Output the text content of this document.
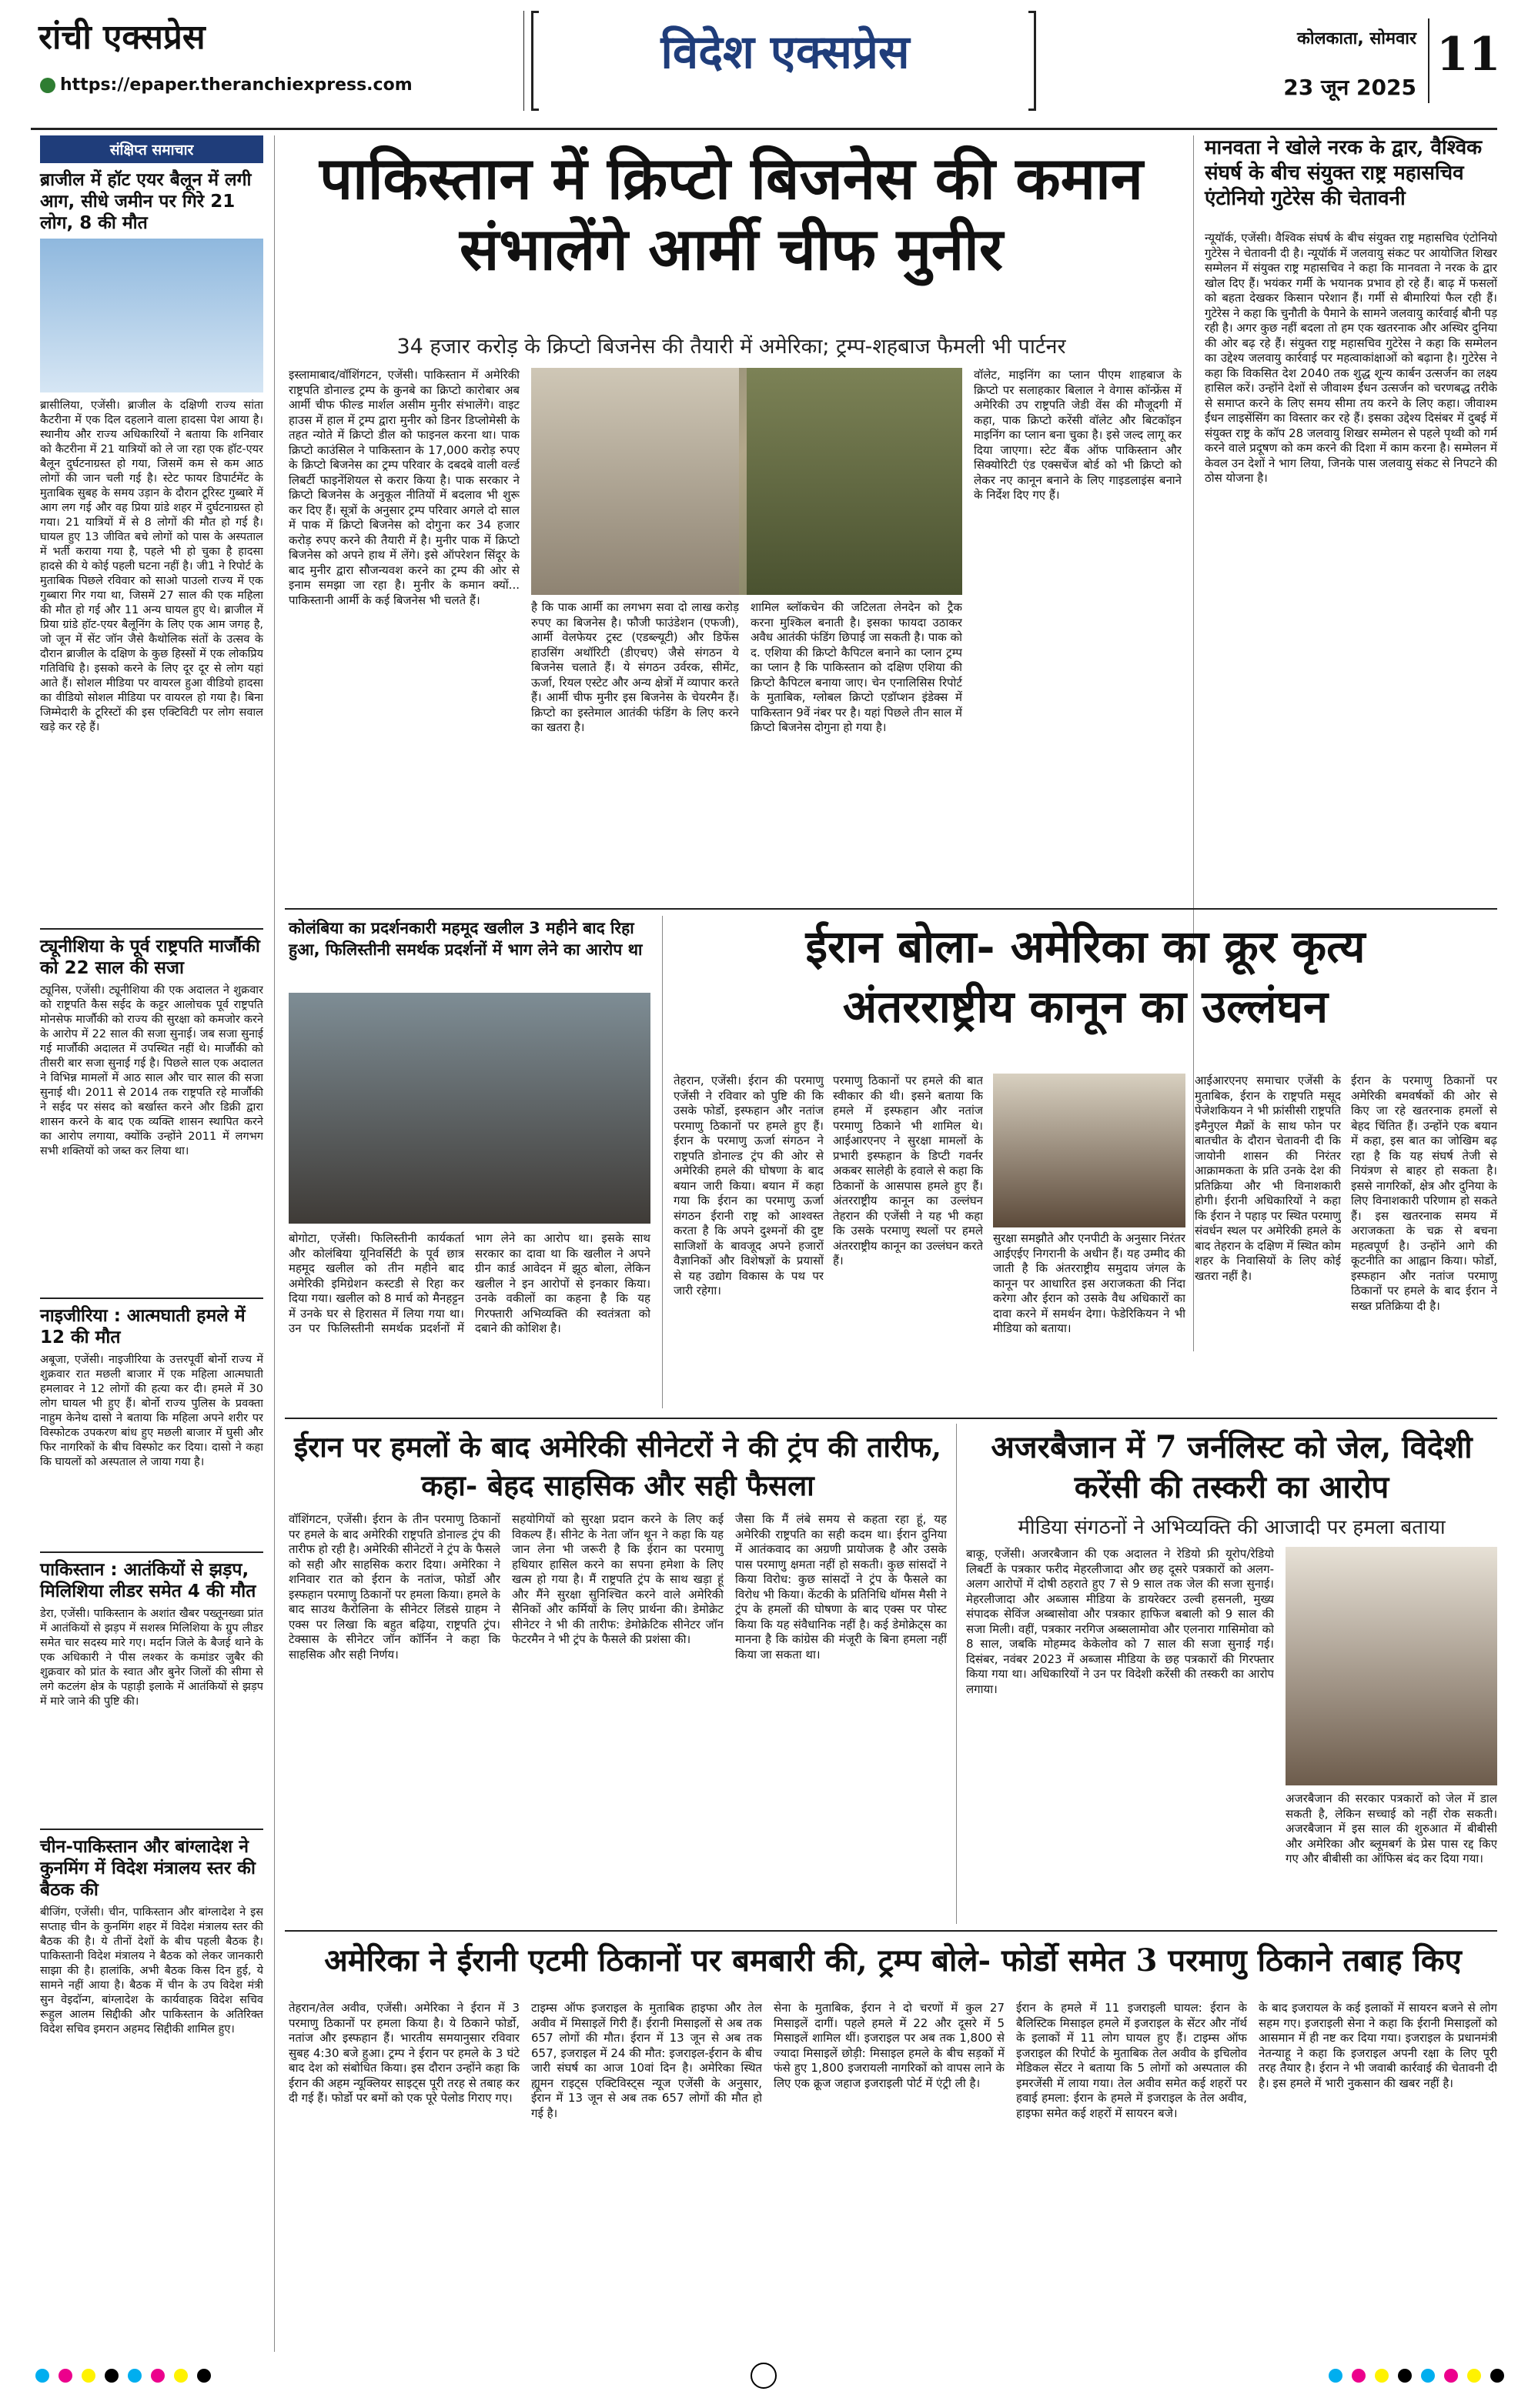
रांची एक्सप्रेस
https://epaper.theranchiexpress.com
विदेश एक्सप्रेस	कोलकाता, सोमवार
23 जून 2025
11
संक्षिप्त समाचार
ब्राजील में हॉट एयर बैलून में लगी आग, सीधे जमीन पर गिरे 21 लोग, 8 की मौत
ब्रासीलिया, एजेंसी। ब्राजील के दक्षिणी राज्य सांता कैटरीना में एक दिल दहलाने वाला हादसा पेश आया है। स्थानीय और राज्य अधिकारियों ने बताया कि शनिवार को कैटरीना में 21 यात्रियों को ले जा रहा एक हॉट-एयर बैलून दुर्घटनाग्रस्त हो गया, जिसमें कम से कम आठ लोगों की जान चली गई है। स्टेट फायर डिपार्टमेंट के मुताबिक सुबह के समय उड़ान के दौरान टूरिस्ट गुब्बारे में आग लग गई और वह प्रिया ग्रांडे शहर में दुर्घटनाग्रस्त हो गया। 21 यात्रियों में से 8 लोगों की मौत हो गई है। घायल हुए 13 जीवित बचे लोगों को पास के अस्पताल में भर्ती कराया गया है, पहले भी हो चुका है हादसा हादसे की ये कोई पहली घटना नहीं है। जी1 ने रिपोर्ट के मुताबिक पिछले रविवार को साओ पाउलो राज्य में एक गुब्बारा गिर गया था, जिसमें 27 साल की एक महिला की मौत हो गई और 11 अन्य घायल हुए थे। ब्राजील में प्रिया ग्रांडे हॉट-एयर बैलूनिंग के लिए एक आम जगह है, जो जून में सेंट जॉन जैसे कैथोलिक संतों के उत्सव के दौरान ब्राजील के दक्षिण के कुछ हिस्सों में एक लोकप्रिय गतिविधि है। इसको करने के लिए दूर दूर से लोग यहां आते हैं। सोशल मीडिया पर वायरल हुआ वीडियो हादसा का वीडियो सोशल मीडिया पर वायरल हो गया है। बिना जिम्मेदारी के टूरिस्टों की इस एक्टिविटी पर लोग सवाल खड़े कर रहे हैं।
ट्यूनीशिया के पूर्व राष्ट्रपति मार्जौकी को 22 साल की सजा
ट्यूनिस, एजेंसी। ट्यूनीशिया की एक अदालत ने शुक्रवार को राष्ट्रपति कैस सईद के कट्टर आलोचक पूर्व राष्ट्रपति मोनसेफ मार्जौकी को राज्य की सुरक्षा को कमजोर करने के आरोप में 22 साल की सजा सुनाई। जब सजा सुनाई गई मार्जौकी अदालत में उपस्थित नहीं थे। मार्जौकी को तीसरी बार सजा सुनाई गई है। पिछले साल एक अदालत ने विभिन्न मामलों में आठ साल और चार साल की सजा सुनाई थी। 2011 से 2014 तक राष्ट्रपति रहे मार्जौकी ने सईद पर संसद को बर्खास्त करने और डिक्री द्वारा शासन करने के बाद एक व्यक्ति शासन स्थापित करने का आरोप लगाया, क्योंकि उन्होंने 2011 में लगभग सभी शक्तियों को जब्त कर लिया था।
नाइजीरिया : आत्मघाती हमले में 12 की मौत
अबूजा, एजेंसी। नाइजीरिया के उत्तरपूर्वी बोर्नो राज्य में शुक्रवार रात मछली बाजार में एक महिला आत्मघाती हमलावर ने 12 लोगों की हत्या कर दी। हमले में 30 लोग घायल भी हुए हैं। बोर्नो राज्य पुलिस के प्रवक्ता नाहुम केनेथ दासो ने बताया कि महिला अपने शरीर पर विस्फोटक उपकरण बांध हुए मछली बाजार में घुसी और फिर नागरिकों के बीच विस्फोट कर दिया। दासो ने कहा कि घायलों को अस्पताल ले जाया गया है।
पाकिस्तान : आतंकियों से झड़प, मिलिशिया लीडर समेत 4 की मौत
डेरा, एजेंसी। पाकिस्तान के अशांत खैबर पख्तूनख्वा प्रांत में आतंकियों से झड़प में सशस्त्र मिलिशिया के ग्रुप लीडर समेत चार सदस्य मारे गए। मर्दान जिले के बैजई थाने के एक अधिकारी ने पीस लश्कर के कमांडर जुबैर की शुक्रवार को प्रांत के स्वात और बुनेर जिलों की सीमा से लगे कटलंग क्षेत्र के पहाड़ी इलाके में आतंकियों से झड़प में मारे जाने की पुष्टि की।
चीन-पाकिस्तान और बांग्लादेश ने कुनमिंग में विदेश मंत्रालय स्तर की बैठक की
बीजिंग, एजेंसी। चीन, पाकिस्तान और बांग्लादेश ने इस सप्ताह चीन के कुनमिंग शहर में विदेश मंत्रालय स्तर की बैठक की है। ये तीनों देशों के बीच पहली बैठक है। पाकिस्तानी विदेश मंत्रालय ने बैठक को लेकर जानकारी साझा की है। हालांकि, अभी बैठक किस दिन हुई, ये सामने नहीं आया है। बैठक में चीन के उप विदेश मंत्री सुन वेइदॉन्ग, बांग्लादेश के कार्यवाहक विदेश सचिव रूहुल आलम सिद्दीकी और पाकिस्तान के अतिरिक्त विदेश सचिव इमरान अहमद सिद्दीकी शामिल हुए।
पाकिस्तान में क्रिप्टो बिजनेस की कमान संभालेंगे आर्मी चीफ मुनीर
34 हजार करोड़ के क्रिप्टो बिजनेस की तैयारी में अमेरिका; ट्रम्प-शहबाज फैमली भी पार्टनर
इस्लामाबाद/वॉशिंगटन, एजेंसी। पाकिस्तान में अमेरिकी राष्ट्रपति डोनाल्ड ट्रम्प के कुनबे का क्रिप्टो कारोबार अब आर्मी चीफ फील्ड मार्शल असीम मुनीर संभालेंगे। वाइट हाउस में हाल में ट्रम्प द्वारा मुनीर को डिनर डिप्लोमेसी के तहत न्योते में क्रिप्टो डील को फाइनल करना था। पाक क्रिप्टो काउंसिल ने पाकिस्तान के 17,000 करोड़ रुपए के क्रिप्टो बिजनेस का ट्रम्प परिवार के दबदबे वाली वर्ल्ड लिबर्टी फाइनेंशियल से करार किया है। पाक सरकार ने क्रिप्टो बिजनेस के अनुकूल नीतियों में बदलाव भी शुरू कर दिए हैं। सूत्रों के अनुसार ट्रम्प परिवार अगले दो साल में पाक में क्रिप्टो बिजनेस को दोगुना कर 34 हजार करोड़ रुपए करने की तैयारी में है। मुनीर पाक में क्रिप्टो बिजनेस को अपने हाथ में लेंगे। इसे ऑपरेशन सिंदूर के बाद मुनीर द्वारा सौजन्यवश करने का ट्रम्प की ओर से इनाम समझा जा रहा है। मुनीर के कमान क्यों... पाकिस्तानी आर्मी के कई बिजनेस भी चलते हैं।
है कि पाक आर्मी का लगभग सवा दो लाख करोड़ रुपए का बिजनेस है। फौजी फाउंडेशन (एफजी), आर्मी वेलफेयर ट्रस्ट (एडब्ल्यूटी) और डिफेंस हाउसिंग अथॉरिटी (डीएचए) जैसे संगठन ये बिजनेस चलाते हैं। ये संगठन उर्वरक, सीमेंट, ऊर्जा, रियल एस्टेट और अन्य क्षेत्रों में व्यापार करते हैं। आर्मी चीफ मुनीर इस बिजनेस के चेयरमैन हैं। क्रिप्टो का इस्तेमाल आतंकी फंडिंग के लिए करने का खतरा है।
शामिल ब्लॉकचेन की जटिलता लेनदेन को ट्रैक करना मुश्किल बनाती है। इसका फायदा उठाकर अवैध आतंकी फंडिंग छिपाई जा सकती है। पाक को द. एशिया की क्रिप्टो कैपिटल बनाने का प्लान ट्रम्प का प्लान है कि पाकिस्तान को दक्षिण एशिया की क्रिप्टो कैपिटल बनाया जाए। चेन एनालिसिस रिपोर्ट के मुताबिक, ग्लोबल क्रिप्टो एडॉप्शन इंडेक्स में पाकिस्तान 9वें नंबर पर है। यहां पिछले तीन साल में क्रिप्टो बिजनेस दोगुना हो गया है।
वॉलेट, माइनिंग का प्लान पीएम शाहबाज के क्रिप्टो पर सलाहकार बिलाल ने वेगास कॉन्फ्रेंस में अमेरिकी उप राष्ट्रपति जेडी वेंस की मौजूदगी में कहा, पाक क्रिप्टो करेंसी वॉलेट और बिटकॉइन माइनिंग का प्लान बना चुका है। इसे जल्द लागू कर दिया जाएगा। स्टेट बैंक ऑफ पाकिस्तान और सिक्योरिटी एंड एक्सचेंज बोर्ड को भी क्रिप्टो को लेकर नए कानून बनाने के लिए गाइडलाइंस बनाने के निर्देश दिए गए हैं।
मानवता ने खोले नरक के द्वार, वैश्विक संघर्ष के बीच संयुक्त राष्ट्र महासचिव एंटोनियो गुटेरेस की चेतावनी
न्यूयॉर्क, एजेंसी। वैश्विक संघर्ष के बीच संयुक्त राष्ट्र महासचिव एंटोनियो गुटेरेस ने चेतावनी दी है। न्यूयॉर्क में जलवायु संकट पर आयोजित शिखर सम्मेलन में संयुक्त राष्ट्र महासचिव ने कहा कि मानवता ने नरक के द्वार खोल दिए हैं। भयंकर गर्मी के भयानक प्रभाव हो रहे हैं। बाढ़ में फसलों को बहता देखकर किसान परेशान हैं। गर्मी से बीमारियां फैल रही हैं। गुटेरेस ने कहा कि चुनौती के पैमाने के सामने जलवायु कार्रवाई बौनी पड़ रही है। अगर कुछ नहीं बदला तो हम एक खतरनाक और अस्थिर दुनिया की ओर बढ़ रहे हैं। संयुक्त राष्ट्र महासचिव गुटेरेस ने कहा कि सम्मेलन का उद्देश्य जलवायु कार्रवाई पर महत्वाकांक्षाओं को बढ़ाना है। गुटेरेस ने कहा कि विकसित देश 2040 तक शुद्ध शून्य कार्बन उत्सर्जन का लक्ष्य हासिल करें। उन्होंने देशों से जीवाश्म ईंधन उत्सर्जन को चरणबद्ध तरीके से समाप्त करने के लिए समय सीमा तय करने के लिए कहा। जीवाश्म ईंधन लाइसेंसिंग का विस्तार कर रहे हैं। इसका उद्देश्य दिसंबर में दुबई में संयुक्त राष्ट्र के कॉप 28 जलवायु शिखर सम्मेलन से पहले पृथ्वी को गर्म करने वाले प्रदूषण को कम करने की दिशा में काम करना है। सम्मेलन में केवल उन देशों ने भाग लिया, जिनके पास जलवायु संकट से निपटने की ठोस योजना है।
कोलंबिया का प्रदर्शनकारी महमूद खलील 3 महीने बाद रिहा हुआ, फिलिस्तीनी समर्थक प्रदर्शनों में भाग लेने का आरोप था
बोगोटा, एजेंसी। फिलिस्तीनी कार्यकर्ता और कोलंबिया यूनिवर्सिटी के पूर्व छात्र महमूद खलील को तीन महीने बाद अमेरिकी इमिग्रेशन कस्टडी से रिहा कर दिया गया। खलील को 8 मार्च को मैनहट्टन में उनके घर से हिरासत में लिया गया था। उन पर फिलिस्तीनी समर्थक प्रदर्शनों में भाग लेने का आरोप था। इसके साथ सरकार का दावा था कि खलील ने अपने ग्रीन कार्ड आवेदन में झूठ बोला, लेकिन खलील ने इन आरोपों से इनकार किया। उनके वकीलों का कहना है कि यह गिरफ्तारी अभिव्यक्ति की स्वतंत्रता को दबाने की कोशिश है।
ईरान बोला- अमेरिका का क्रूर कृत्य
अंतरराष्ट्रीय कानून का उल्लंघन
तेहरान, एजेंसी। ईरान की परमाणु एजेंसी ने रविवार को पुष्टि की कि उसके फोर्डो, इस्फहान और नतांज परमाणु ठिकानों पर हमले हुए हैं। ईरान के परमाणु ऊर्जा संगठन ने राष्ट्रपति डोनाल्ड ट्रंप की ओर से अमेरिकी हमले की घोषणा के बाद बयान जारी किया। बयान में कहा गया कि ईरान का परमाणु ऊर्जा संगठन ईरानी राष्ट्र को आश्वस्त करता है कि अपने दुश्मनों की दुष्ट साजिशों के बावजूद अपने हजारों वैज्ञानिकों और विशेषज्ञों के प्रयासों से यह उद्योग विकास के पथ पर जारी रहेगा।
परमाणु ठिकानों पर हमले की बात स्वीकार की थी। इसने बताया कि हमले में इस्फहान और नतांज परमाणु ठिकाने भी शामिल थे। आईआरएनए ने सुरक्षा मामलों के प्रभारी इस्फहान के डिप्टी गवर्नर अकबर सालेही के हवाले से कहा कि ठिकानों के आसपास हमले हुए हैं। अंतरराष्ट्रीय कानून का उल्लंघन तेहरान की एजेंसी ने यह भी कहा कि उसके परमाणु स्थलों पर हमले अंतरराष्ट्रीय कानून का उल्लंघन करते हैं।
सुरक्षा समझौते और एनपीटी के अनुसार निरंतर आईएईए निगरानी के अधीन हैं। यह उम्मीद की जाती है कि अंतरराष्ट्रीय समुदाय जंगल के कानून पर आधारित इस अराजकता की निंदा करेगा और ईरान को उसके वैध अधिकारों का दावा करने में समर्थन देगा। फेडेरिकियन ने भी मीडिया को बताया।
आईआरएनए समाचार एजेंसी के मुताबिक, ईरान के राष्ट्रपति मसूद पेजेशकियन ने भी फ्रांसीसी राष्ट्रपति इमैनुएल मैक्रों के साथ फोन पर बातचीत के दौरान चेतावनी दी कि जायोनी शासन की निरंतर आक्रामकता के प्रति उनके देश की प्रतिक्रिया और भी विनाशकारी होगी। ईरानी अधिकारियों ने कहा कि ईरान ने पहाड़ पर स्थित परमाणु संवर्धन स्थल पर अमेरिकी हमले के बाद तेहरान के दक्षिण में स्थित कोम शहर के निवासियों के लिए कोई खतरा नहीं है।
ईरान के परमाणु ठिकानों पर अमेरिकी बमवर्षकों की ओर से किए जा रहे खतरनाक हमलों से बेहद चिंतित हैं। उन्होंने एक बयान में कहा, इस बात का जोखिम बढ़ रहा है कि यह संघर्ष तेजी से नियंत्रण से बाहर हो सकता है। इससे नागरिकों, क्षेत्र और दुनिया के लिए विनाशकारी परिणाम हो सकते हैं। इस खतरनाक समय में अराजकता के चक्र से बचना महत्वपूर्ण है। उन्होंने आगे की कूटनीति का आह्वान किया। फोर्डो, इस्फहान और नतांज परमाणु ठिकानों पर हमले के बाद ईरान ने सख्त प्रतिक्रिया दी है।
ईरान पर हमलों के बाद अमेरिकी सीनेटरों ने की ट्रंप की तारीफ, कहा- बेहद साहसिक और सही फैसला
वॉशिंगटन, एजेंसी। ईरान के तीन परमाणु ठिकानों पर हमले के बाद अमेरिकी राष्ट्रपति डोनाल्ड ट्रंप की तारीफ हो रही है। अमेरिकी सीनेटरों ने ट्रंप के फैसले को सही और साहसिक करार दिया। अमेरिका ने शनिवार रात को ईरान के नतांज, फोर्डो और इस्फहान परमाणु ठिकानों पर हमला किया। हमले के बाद साउथ कैरोलिना के सीनेटर लिंडसे ग्राहम ने एक्स पर लिखा कि बहुत बढ़िया, राष्ट्रपति ट्रंप। टेक्सास के सीनेटर जॉन कॉर्निन ने कहा कि साहसिक और सही निर्णय।
सहयोगियों को सुरक्षा प्रदान करने के लिए कई विकल्प हैं। सीनेट के नेता जॉन थून ने कहा कि यह जान लेना भी जरूरी है कि ईरान का परमाणु हथियार हासिल करने का सपना हमेशा के लिए खत्म हो गया है। मैं राष्ट्रपति ट्रंप के साथ खड़ा हूं और मैंने सुरक्षा सुनिश्चित करने वाले अमेरिकी सैनिकों और कर्मियों के लिए प्रार्थना की। डेमोक्रेट सीनेटर ने भी की तारीफ: डेमोक्रेटिक सीनेटर जॉन फेटरमैन ने भी ट्रंप के फैसले की प्रशंसा की।
जैसा कि मैं लंबे समय से कहता रहा हूं, यह अमेरिकी राष्ट्रपति का सही कदम था। ईरान दुनिया में आतंकवाद का अग्रणी प्रायोजक है और उसके पास परमाणु क्षमता नहीं हो सकती। कुछ सांसदों ने किया विरोध: कुछ सांसदों ने ट्रंप के फैसले का विरोध भी किया। केंटकी के प्रतिनिधि थॉमस मैसी ने ट्रंप के हमलों की घोषणा के बाद एक्स पर पोस्ट किया कि यह संवैधानिक नहीं है। कई डेमोक्रेट्स का मानना है कि कांग्रेस की मंजूरी के बिना हमला नहीं किया जा सकता था।
अजरबैजान में 7 जर्नलिस्ट को जेल, विदेशी करेंसी की तस्करी का आरोप
मीडिया संगठनों ने अभिव्यक्ति की आजादी पर हमला बताया
बाकू, एजेंसी। अजरबैजान की एक अदालत ने रेडियो फ्री यूरोप/रेडियो लिबर्टी के पत्रकार फरीद मेहरलीजादा और छह दूसरे पत्रकारों को अलग-अलग आरोपों में दोषी ठहराते हुए 7 से 9 साल तक जेल की सजा सुनाई। मेहरलीजादा और अब्जास मीडिया के डायरेक्टर उल्वी हसनली, मुख्य संपादक सेविंज अब्बासोवा और पत्रकार हाफिज बबाली को 9 साल की सजा मिली। वहीं, पत्रकार नरगिज अब्सलामोवा और एलनारा गासिमोवा को 8 साल, जबकि मोहम्मद केकेलोव को 7 साल की सजा सुनाई गई। दिसंबर, नवंबर 2023 में अब्जास मीडिया के छह पत्रकारों की गिरफ्तार किया गया था। अधिकारियों ने उन पर विदेशी करेंसी की तस्करी का आरोप लगाया।
अजरबैजान की सरकार पत्रकारों को जेल में डाल सकती है, लेकिन सच्चाई को नहीं रोक सकती। अजरबैजान में इस साल की शुरुआत में बीबीसी और अमेरिका और ब्लूमबर्ग के प्रेस पास रद्द किए गए और बीबीसी का ऑफिस बंद कर दिया गया।
अमेरिका ने ईरानी एटमी ठिकानों पर बमबारी की, ट्रम्प बोले- फोर्डो समेत 3 परमाणु ठिकाने तबाह किए
तेहरान/तेल अवीव, एजेंसी। अमेरिका ने ईरान में 3 परमाणु ठिकानों पर हमला किया है। ये ठिकाने फोर्डो, नतांज और इस्फहान हैं। भारतीय समयानुसार रविवार सुबह 4:30 बजे हुआ। ट्रम्प ने ईरान पर हमले के 3 घंटे बाद देश को संबोधित किया। इस दौरान उन्होंने कहा कि ईरान की अहम न्यूक्लियर साइट्स पूरी तरह से तबाह कर दी गई हैं। फोर्डो पर बमों को एक पूरे पेलोड गिराए गए।
टाइम्स ऑफ इजराइल के मुताबिक हाइफा और तेल अवीव में मिसाइलें गिरी हैं। ईरानी मिसाइलों से अब तक 657 लोगों की मौत। ईरान में 13 जून से अब तक 657, इजराइल में 24 की मौत: इजराइल-ईरान के बीच जारी संघर्ष का आज 10वां दिन है। अमेरिका स्थित ह्यूमन राइट्स एक्टिविस्ट्स न्यूज एजेंसी के अनुसार, ईरान में 13 जून से अब तक 657 लोगों की मौत हो गई है।
सेना के मुताबिक, ईरान ने दो चरणों में कुल 27 मिसाइलें दागीं। पहले हमले में 22 और दूसरे में 5 मिसाइलें शामिल थीं। इजराइल पर अब तक 1,800 से ज्यादा मिसाइलें छोड़ी: मिसाइल हमले के बीच सड़कों में फंसे हुए 1,800 इजरायली नागरिकों को वापस लाने के लिए एक क्रूज जहाज इजराइली पोर्ट में एंट्री ली है।
ईरान के हमले में 11 इजराइली घायल: ईरान के बैलिस्टिक मिसाइल हमले में इजराइल के सेंटर और नॉर्थ के इलाकों में 11 लोग घायल हुए हैं। टाइम्स ऑफ इजराइल की रिपोर्ट के मुताबिक तेल अवीव के इचिलोव मेडिकल सेंटर ने बताया कि 5 लोगों को अस्पताल की इमरजेंसी में लाया गया। तेल अवीव समेत कई शहरों पर हवाई हमला: ईरान के हमले में इजराइल के तेल अवीव, हाइफा समेत कई शहरों में सायरन बजे।
के बाद इजरायल के कई इलाकों में सायरन बजने से लोग सहम गए। इजराइली सेना ने कहा कि ईरानी मिसाइलों को आसमान में ही नष्ट कर दिया गया। इजराइल के प्रधानमंत्री नेतन्याहू ने कहा कि इजराइल अपनी रक्षा के लिए पूरी तरह तैयार है। ईरान ने भी जवाबी कार्रवाई की चेतावनी दी है। इस हमले में भारी नुकसान की खबर नहीं है।
